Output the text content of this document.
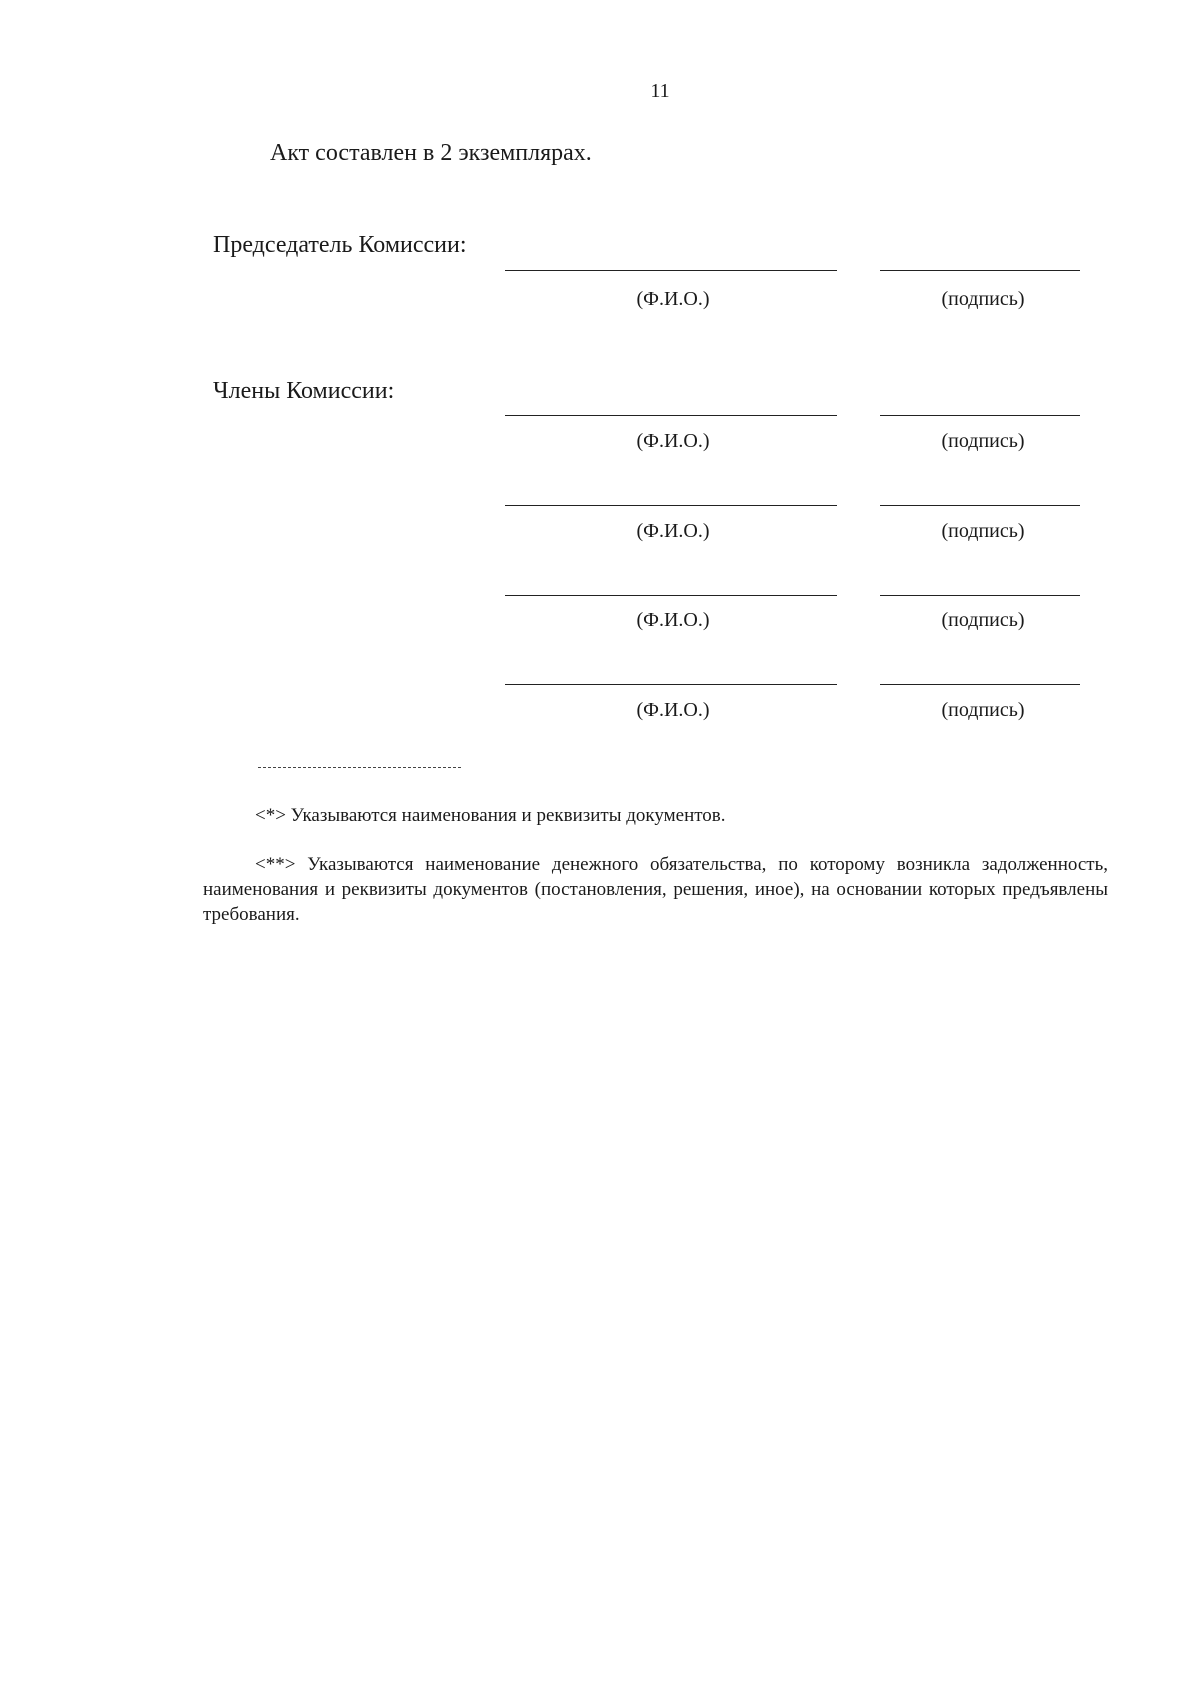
11
Акт составлен в 2 экземплярах.
Председатель Комиссии:
(Ф.И.О.)	(подпись)
Члены Комиссии:
(Ф.И.О.)	(подпись)
(Ф.И.О.)	(подпись)
(Ф.И.О.)	(подпись)
(Ф.И.О.)	(подпись)
<*> Указываются наименования и реквизиты документов.
<**> Указываются наименование денежного обязательства, по которому возникла задолженность, наименования и реквизиты документов (постановления, решения, иное), на основании которых предъявлены требования.
